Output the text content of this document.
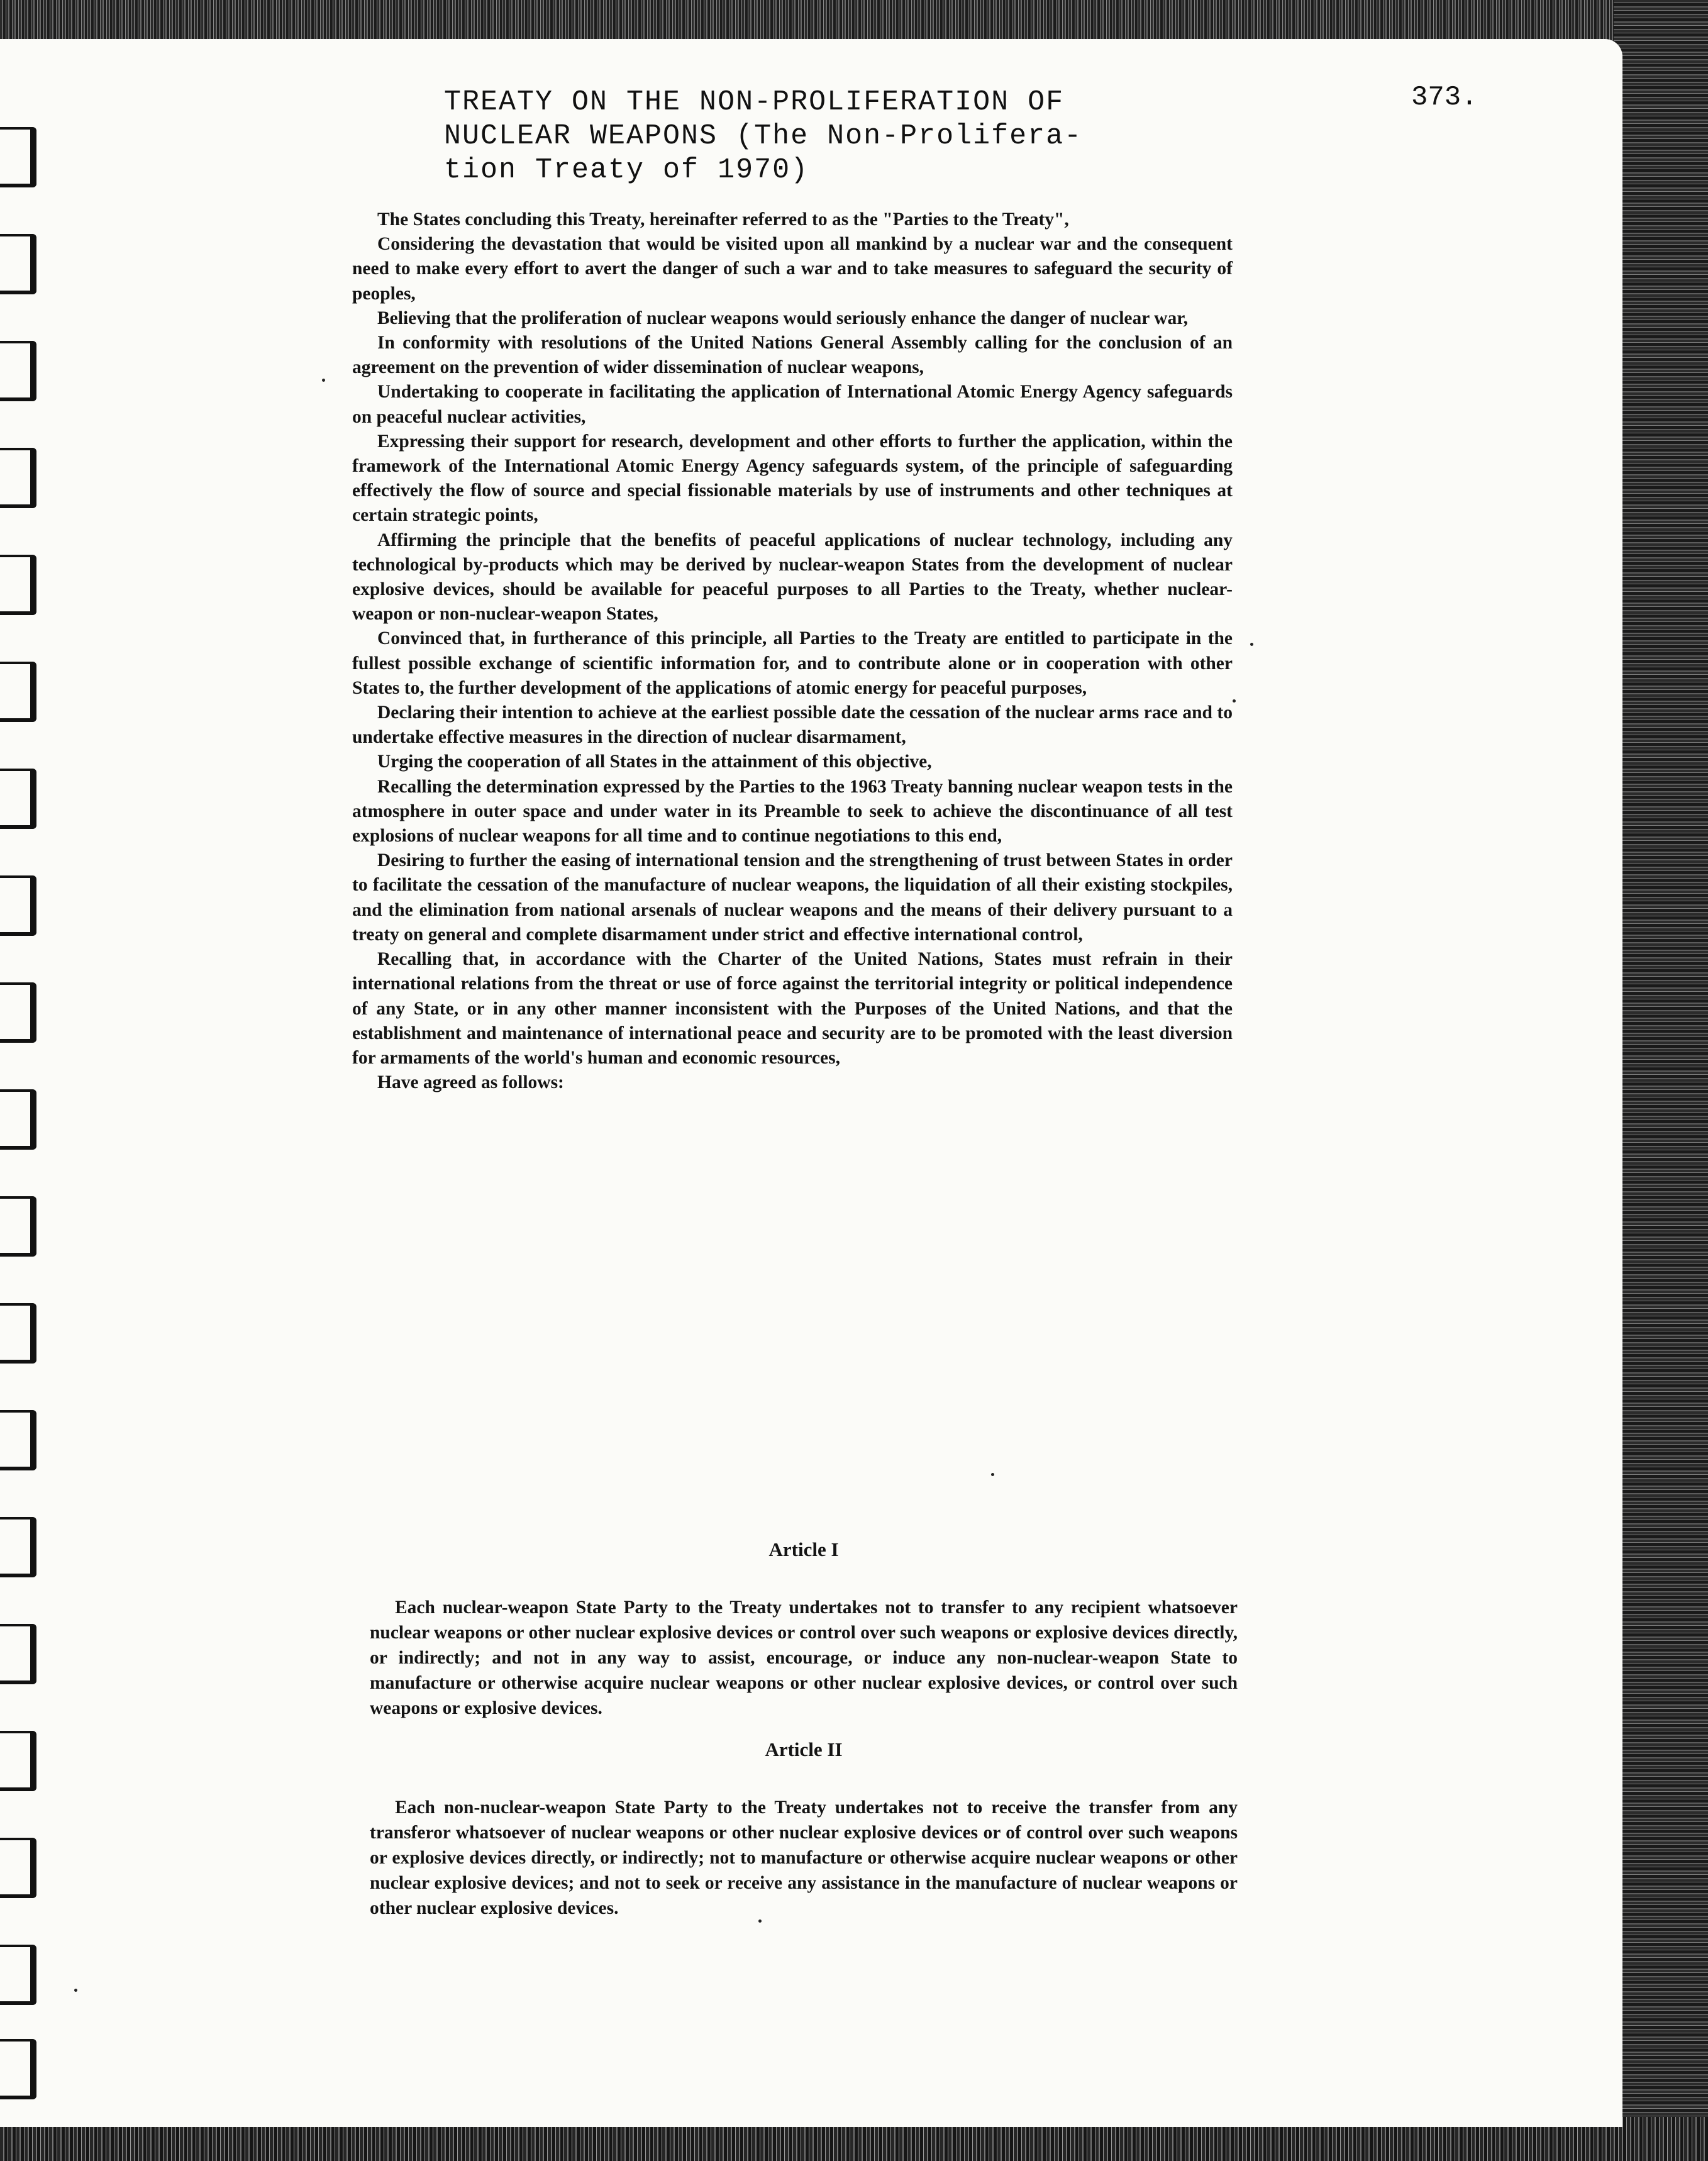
TREATY ON THE NON-PROLIFERATION OF
NUCLEAR WEAPONS (The Non-Prolifera-
tion Treaty of 1970)
373.

The States concluding this Treaty, hereinafter referred to as the "Parties to the Treaty",

Considering the devastation that would be visited upon all mankind by a nuclear war and the consequent need to make every effort to avert the danger of such a war and to take measures to safeguard the security of peoples,

Believing that the proliferation of nuclear weapons would seriously enhance the danger of nuclear war,

In conformity with resolutions of the United Nations General Assembly calling for the conclusion of an agreement on the prevention of wider dissemination of nuclear weapons,

Undertaking to cooperate in facilitating the application of International Atomic Energy Agency safeguards on peaceful nuclear activities,

Expressing their support for research, development and other efforts to further the application, within the framework of the International Atomic Energy Agency safeguards system, of the principle of safeguarding effectively the flow of source and special fissionable materials by use of instruments and other techniques at certain strategic points,

Affirming the principle that the benefits of peaceful applications of nuclear technology, including any technological by-products which may be derived by nuclear-weapon States from the development of nuclear explosive devices, should be available for peaceful purposes to all Parties to the Treaty, whether nuclear-weapon or non-nuclear-weapon States,

Convinced that, in furtherance of this principle, all Parties to the Treaty are entitled to participate in the fullest possible exchange of scientific information for, and to contribute alone or in cooperation with other States to, the further development of the applications of atomic energy for peaceful purposes,

Declaring their intention to achieve at the earliest possible date the cessation of the nuclear arms race and to undertake effective measures in the direction of nuclear disarmament,

Urging the cooperation of all States in the attainment of this objective,

Recalling the determination expressed by the Parties to the 1963 Treaty banning nuclear weapon tests in the atmosphere in outer space and under water in its Preamble to seek to achieve the discontinuance of all test explosions of nuclear weapons for all time and to continue negotiations to this end,

Desiring to further the easing of international tension and the strengthening of trust between States in order to facilitate the cessation of the manufacture of nuclear weapons, the liquidation of all their existing stockpiles, and the elimination from national arsenals of nuclear weapons and the means of their delivery pursuant to a treaty on general and complete disarmament under strict and effective international control,

Recalling that, in accordance with the Charter of the United Nations, States must refrain in their international relations from the threat or use of force against the territorial integrity or political independence of any State, or in any other manner inconsistent with the Purposes of the United Nations, and that the establishment and maintenance of international peace and security are to be promoted with the least diversion for armaments of the world's human and economic resources,

Have agreed as follows:

Article I

Each nuclear-weapon State Party to the Treaty undertakes not to transfer to any recipient whatsoever nuclear weapons or other nuclear explosive devices or control over such weapons or explosive devices directly, or indirectly; and not in any way to assist, encourage, or induce any non-nuclear-weapon State to manufacture or otherwise acquire nuclear weapons or other nuclear explosive devices, or control over such weapons or explosive devices.

Article II

Each non-nuclear-weapon State Party to the Treaty undertakes not to receive the transfer from any transferor whatsoever of nuclear weapons or other nuclear explosive devices or of control over such weapons or explosive devices directly, or indirectly; not to manufacture or otherwise acquire nuclear weapons or other nuclear explosive devices; and not to seek or receive any assistance in the manufacture of nuclear weapons or other nuclear explosive devices.
